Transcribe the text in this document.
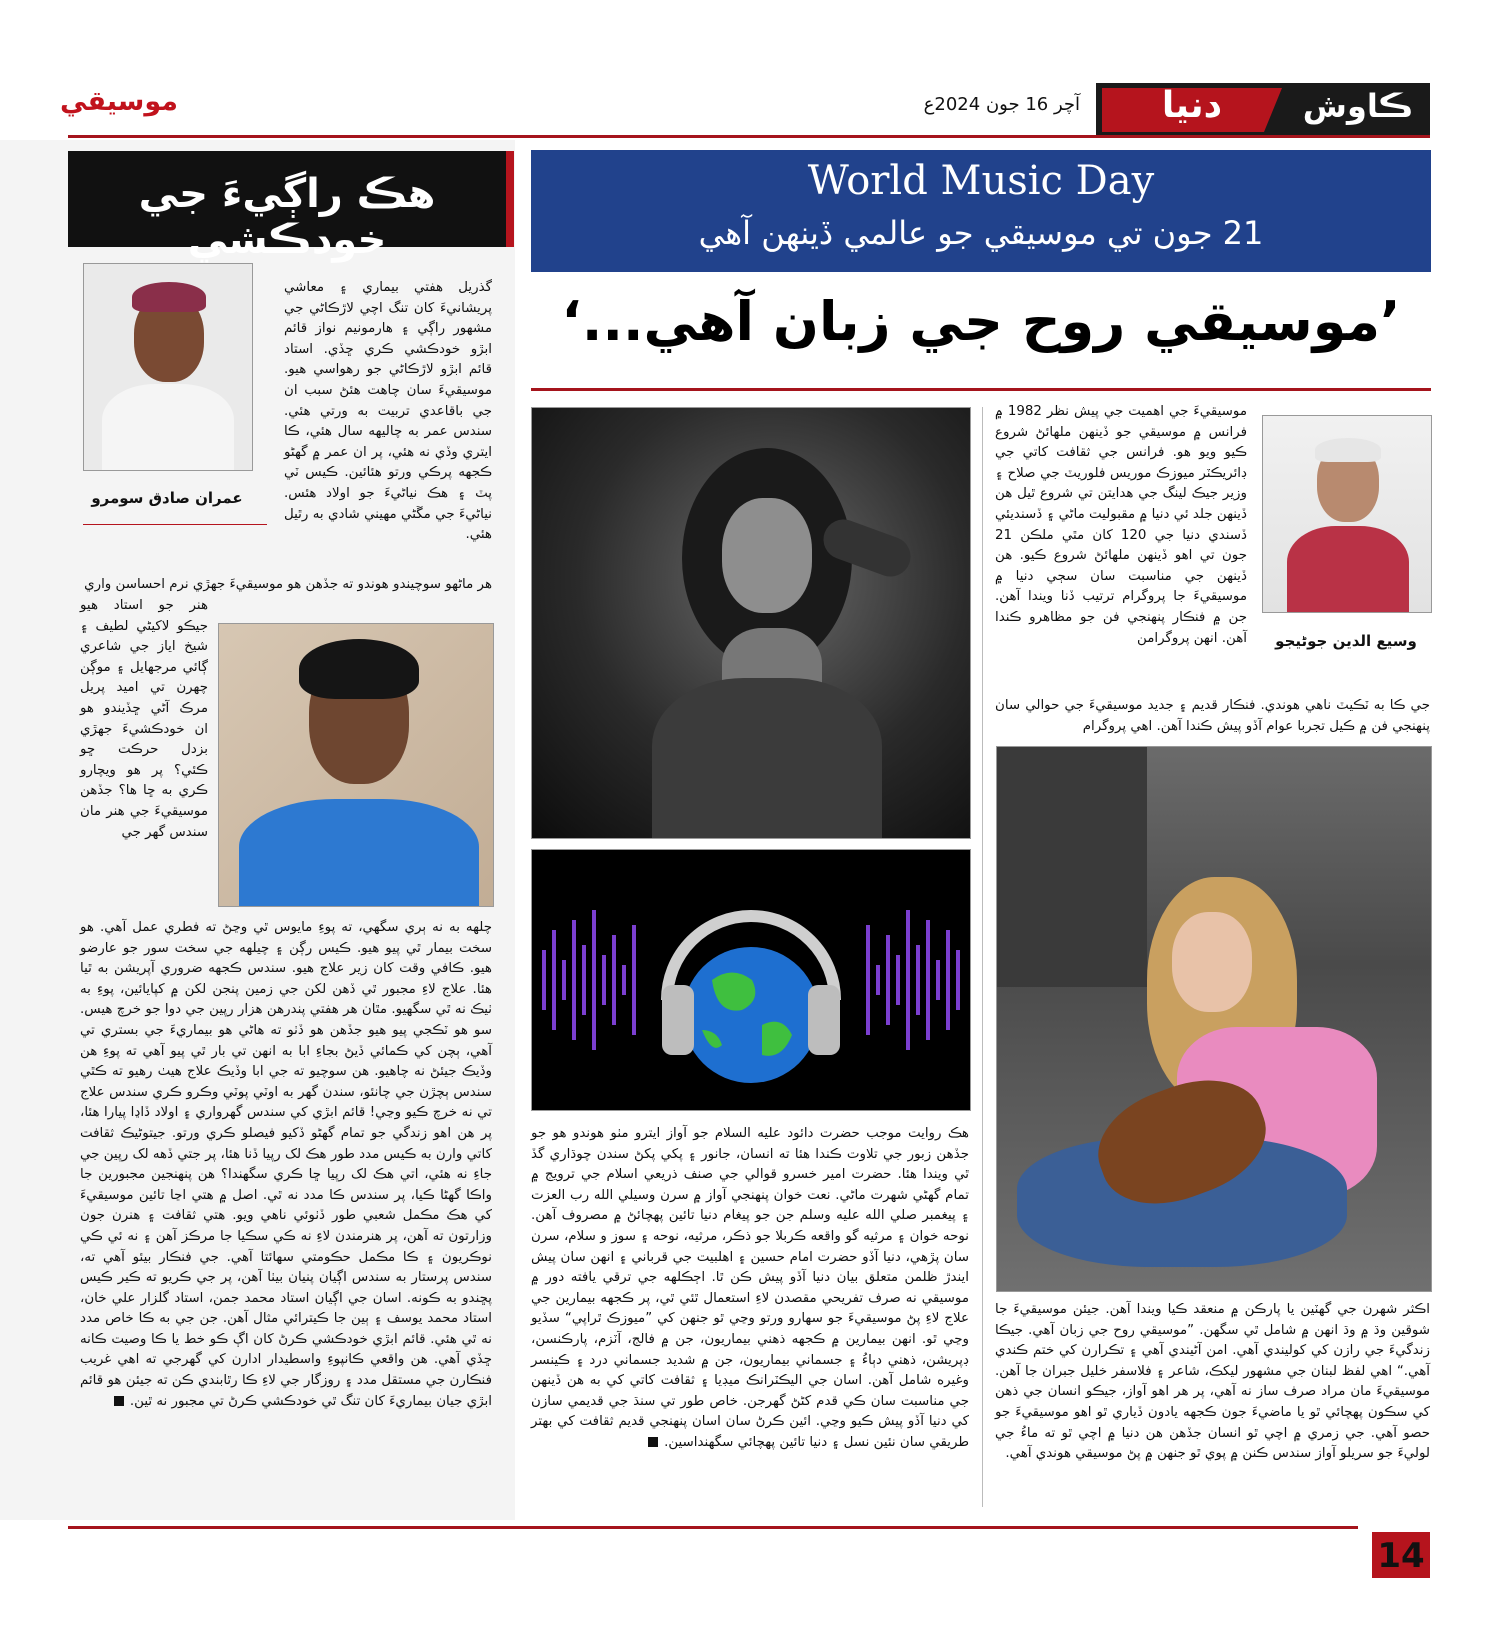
دنيا	ڪاوش
آچر 16 جون 2024ع
موسيقي
World Music Day
21 جون تي موسيقي جو عالمي ڏينهن آهي
’موسيقي روح جي زبان آهي...‘
وسيع الدين جوڻيجو
موسيقيءَ جي اهميت جي پيش نظر 1982 ۾ فرانس ۾ موسيقي جو ڏينهن ملهائڻ شروع ڪيو ويو هو. فرانس جي ثقافت کاتي جي ڊائريڪٽر ميوزڪ موريس فلوريٽ جي صلاح ۽ وزير جيڪ لينگ جي هدايتن تي شروع ٿيل هن ڏينهن جلد ئي دنيا ۾ مقبوليت ماڻي ۽ ڏسنديئي ڏسندي دنيا جي 120 کان مٿي ملڪن 21 جون تي اهو ڏينهن ملهائڻ شروع ڪيو. هن ڏينهن جي مناسبت سان سڄي دنيا ۾ موسيقيءَ جا پروگرام ترتيب ڏنا ويندا آهن. جن ۾ فنڪار پنهنجي فن جو مظاهرو ڪندا آهن. انهن پروگرامن
جي ڪا به ٽڪيٽ ناهي هوندي. فنڪار قديم ۽ جديد موسيقيءَ جي حوالي سان پنهنجي فن ۾ ڪيل تجربا عوام آڏو پيش ڪندا آهن. اهي پروگرام
اڪثر شهرن جي گهٽين يا پارڪن ۾ منعقد ڪيا ويندا آهن. جيئن موسيقيءَ جا شوقين وڌ ۾ وڌ انهن ۾ شامل ٿي سگهن. ”موسيقي روح جي زبان آهي. جيڪا زندگيءَ جي رازن کي کوليندي آهي. امن آڻيندي آهي ۽ تڪرارن کي ختم ڪندي آهي.“ اهي لفظ لبنان جي مشهور ليکڪ، شاعر ۽ فلاسفر خليل جبران جا آهن. موسيقيءَ مان مراد صرف ساز نه آهي، پر هر اهو آواز، جيڪو انسان جي ذهن کي سڪون پهچائي ٿو يا ماضيءَ جون ڪجهه يادون ڏياري ٿو اهو موسيقيءَ جو حصو آهي. جي زمري ۾ اچي ٿو انسان جڏهن هن دنيا ۾ اچي ٿو ته ماءُ جي لوليءَ جو سريلو آواز سندس ڪنن ۾ پوي ٿو جنهن ۾ پڻ موسيقي هوندي آهي.
هڪ روايت موجب حضرت دائود عليه السلام جو آواز ايترو مٺو هوندو هو جو جڏهن زبور جي تلاوت ڪندا هئا ته انسان، جانور ۽ پکي پکڻ سندن چوڌاري گڏ ٿي ويندا هئا. حضرت امير خسرو قوالي جي صنف ذريعي اسلام جي ترويج ۾ تمام گهڻي شهرت ماڻي. نعت خوان پنهنجي آواز ۾ سرن وسيلي الله رب العزت ۽ پيغمبر صلي الله عليه وسلم جن جو پيغام دنيا تائين پهچائڻ ۾ مصروف آهن. نوحه خوان ۽ مرثيه گو واقعه ڪربلا جو ذڪر، مرثيه، نوحه ۽ سوز و سلام، سرن سان پڙهي، دنيا آڏو حضرت امام حسين ۽ اهلبيت جي قرباني ۽ انهن سان پيش ايندڙ ظلمن متعلق بيان دنيا آڏو پيش ڪن ٿا. اڄڪلهه جي ترقي يافته دور ۾ موسيقي نه صرف تفريحي مقصدن لاءِ استعمال ٿئي ٿي، پر ڪجهه بيمارين جي علاج لاءِ پڻ موسيقيءَ جو سهارو ورتو وڃي ٿو جنهن کي ”ميوزڪ ٿراپي“ سڏيو وڃي ٿو. انهن بيمارين ۾ ڪجهه ذهني بيماريون، جن ۾ فالج، آٽزم، پارڪنسن، ڊپريشن، ذهني دٻاءُ ۽ جسماني بيماريون، جن ۾ شديد جسماني درد ۽ ڪينسر وغيره شامل آهن. اسان جي اليڪٽرانڪ ميڊيا ۽ ثقافت کاتي کي به هن ڏينهن جي مناسبت سان ڪي قدم کڻڻ گهرجن. خاص طور تي سنڌ جي قديمي سازن کي دنيا آڏو پيش ڪيو وڃي. ائين ڪرڻ سان اسان پنهنجي قديم ثقافت کي بهتر طريقي سان نئين نسل ۽ دنيا تائين پهچائي سگهنداسين.
هڪ راڳيءَ جي خودڪشي
عمران صادق سومرو
گذريل هفتي بيماري ۽ معاشي پريشانيءَ کان تنگ اچي لاڙڪاڻي جي مشهور راڳي ۽ هارمونيم نواز قائم ابڙو خودڪشي ڪري ڇڏي. استاد قائم ابڙو لاڙڪاڻي جو رهواسي هيو. موسيقيءَ سان چاهت هئڻ سبب ان جي باقاعدي تربيت به ورتي هئي. سندس عمر به چاليهه سال هئي، ڪا ايتري وڏي نه هئي، پر ان عمر ۾ گهڻو ڪجهه پرڪي ورتو هئائين. ڪيس ٽي پٽ ۽ هڪ نياڻيءَ جو اولاد هئس. نياڻيءَ جي مڱڻي مهيني شادي به رٿيل هئي.
هر ماڻهو سوچيندو هوندو ته جڏهن هو موسيقيءَ جهڙي نرم احساسن واري
هنر جو استاد هيو جيڪو لاکيڻي لطيف ۽ شيخ اياز جي شاعري ڳائي مرجهايل ۽ موڳن چهرن تي اميد پريل مرڪ آڻي ڇڏيندو هو ان خودڪشيءَ جهڙي بزدل حرڪت ڇو ڪئي؟ پر هو ويچارو ڪري به ڇا ها؟ جڏهن موسيقيءَ جي هنر مان سندس گهر جي
چلهه به نه ٻري سگهي، ته پوءِ مايوس ٿي وڃڻ ته فطري عمل آهي. هو سخت بيمار ٿي پيو هيو. ڪيس رڳن ۽ چيلهه جي سخت سور جو عارضو هيو. ڪافي وقت کان زير علاج هيو. سندس ڪجهه ضروري آپريشن به ٿيا هئا. علاج لاءِ مجبور ٿي ڏهن لکن جي زمين پنجن لکن ۾ کپايائين، پوءِ به ٺيڪ نه ٿي سگهيو. مٿان هر هفتي پندرهن هزار رپين جي دوا جو خرچ هيس. سو هو ٽڪجي پيو هيو جڏهن هو ڏٺو ته هاڻي هو بيماريءَ جي بستري تي آهي، ٻچن کي ڪمائي ڏيڻ بجاءِ ابا به انهن تي بار ٿي پيو آهي ته پوءِ هن وڏيڪ جيئڻ نه چاهيو. هن سوچيو ته جي ابا وڏيڪ علاج هيٺ رهيو ته ڪٿي سندس ٻچڙن جي چانئو، سندن گهر به اوٽي پوٽي وڪرو ڪري سندس علاج تي نه خرچ ڪيو وڃي! قائم ابڙي کي سندس گهرواري ۽ اولاد ڏاڍا پيارا هئا، پر هن اهو زندگي جو تمام گهڻو ڏکيو فيصلو ڪري ورتو. جيتوڻيڪ ثقافت کاتي وارن به ڪيس مدد طور هڪ لک رپيا ڏنا هئا، پر جتي ڏهه لک رپين جي جاءِ نه هئي، اتي هڪ لک رپيا ڇا ڪري سگهندا؟ هن پنهنجين مجبورين جا واڪا گهڻا ڪيا، پر سندس ڪا مدد نه ٿي. اصل ۾ هتي اڃا تائين موسيقيءَ کي هڪ مڪمل شعبي طور ڏٺوئي ناهي ويو. هتي ثقافت ۽ هنرن جون وزارتون ته آهن، پر هنرمندن لاءِ نه ڪي سڪيا جا مرڪز آهن ۽ نه ئي ڪي نوڪريون ۽ ڪا مڪمل حڪومتي سهائتا آهي. جي فنڪار بيئو آهي ته، سندس پرستار به سندس اڳيان پنيان بيٺا آهن، پر جي ڪريو ته ڪير ڪيس پڇندو به ڪونه. اسان جي اڳيان استاد محمد جمن، استاد گلزار علي خان، استاد محمد يوسف ۽ ٻين جا ڪيترائي مثال آهن. جن جي به ڪا خاص مدد نه ٿي هئي. قائم ابڙي خودڪشي ڪرڻ کان اڳ ڪو خط يا ڪا وصيت ڪانه ڇڏي آهي. هن واقعي ڪانپوءِ واسطيدار ادارن کي گهرجي ته اهي غريب فنڪارن جي مستقل مدد ۽ روزگار جي لاءِ ڪا رٿابندي ڪن ته جيئن هو قائم ابڙي جيان بيماريءَ کان تنگ ٿي خودڪشي ڪرڻ تي مجبور نه ٿين.
14
